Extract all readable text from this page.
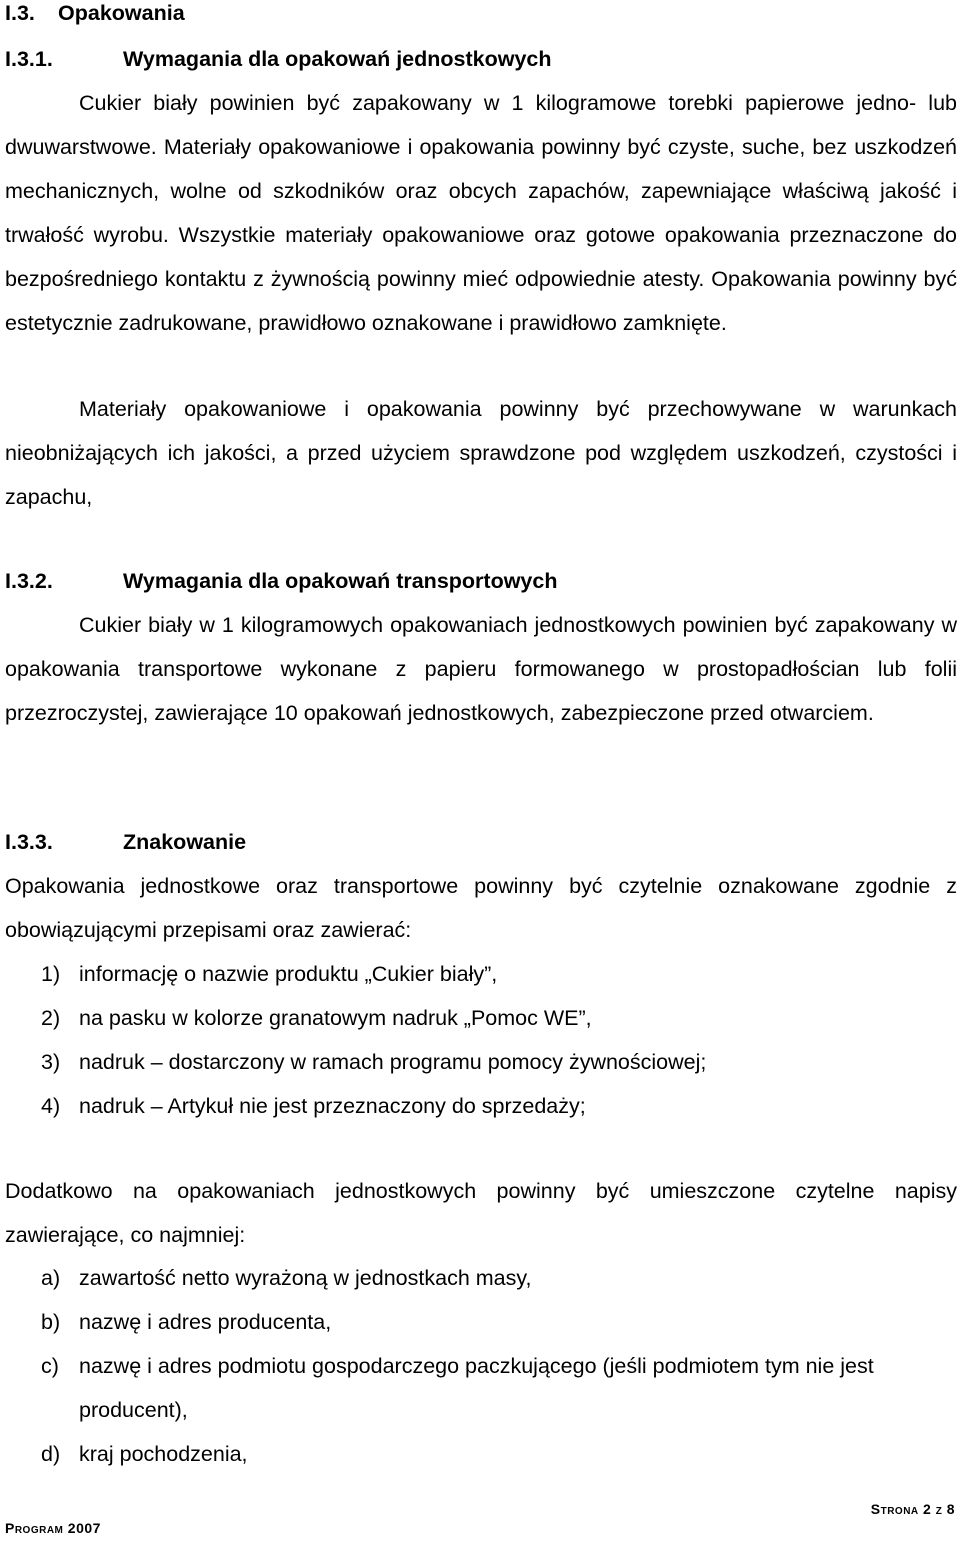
I.3. Opakowania
I.3.1.	Wymagania dla opakowań jednostkowych
Cukier biały powinien być zapakowany w 1 kilogramowe torebki papierowe jedno- lub dwuwarstwowe. Materiały opakowaniowe i opakowania powinny być czyste, suche, bez uszkodzeń mechanicznych, wolne od szkodników oraz obcych zapachów, zapewniające właściwą jakość i trwałość wyrobu. Wszystkie materiały opakowaniowe oraz gotowe opakowania przeznaczone do bezpośredniego kontaktu z żywnością powinny mieć odpowiednie atesty. Opakowania powinny być estetycznie zadrukowane, prawidłowo oznakowane i prawidłowo zamknięte.
Materiały opakowaniowe i opakowania powinny być przechowywane w warunkach nieobniżających ich jakości, a przed użyciem sprawdzone pod względem uszkodzeń, czystości i zapachu,
I.3.2.	Wymagania dla opakowań transportowych
Cukier biały w 1 kilogramowych opakowaniach jednostkowych powinien być zapakowany w opakowania transportowe wykonane z papieru formowanego w prostopadłościan lub folii przezroczystej, zawierające 10 opakowań jednostkowych, zabezpieczone przed otwarciem.
I.3.3.	Znakowanie
Opakowania jednostkowe oraz transportowe powinny być czytelnie oznakowane zgodnie z obowiązującymi przepisami oraz zawierać:
1) informację o nazwie produktu „Cukier biały”,
2) na pasku w kolorze granatowym nadruk „Pomoc WE”,
3) nadruk – dostarczony w ramach programu pomocy żywnościowej;
4) nadruk – Artykuł nie jest przeznaczony do sprzedaży;
Dodatkowo na opakowaniach jednostkowych powinny być umieszczone czytelne napisy zawierające, co najmniej:
a) zawartość netto wyrażoną w jednostkach masy,
b) nazwę i adres producenta,
c) nazwę i adres podmiotu gospodarczego paczkującego (jeśli podmiotem tym nie jest producent),
d) kraj pochodzenia,
Strona 2 z 8
Program 2007
